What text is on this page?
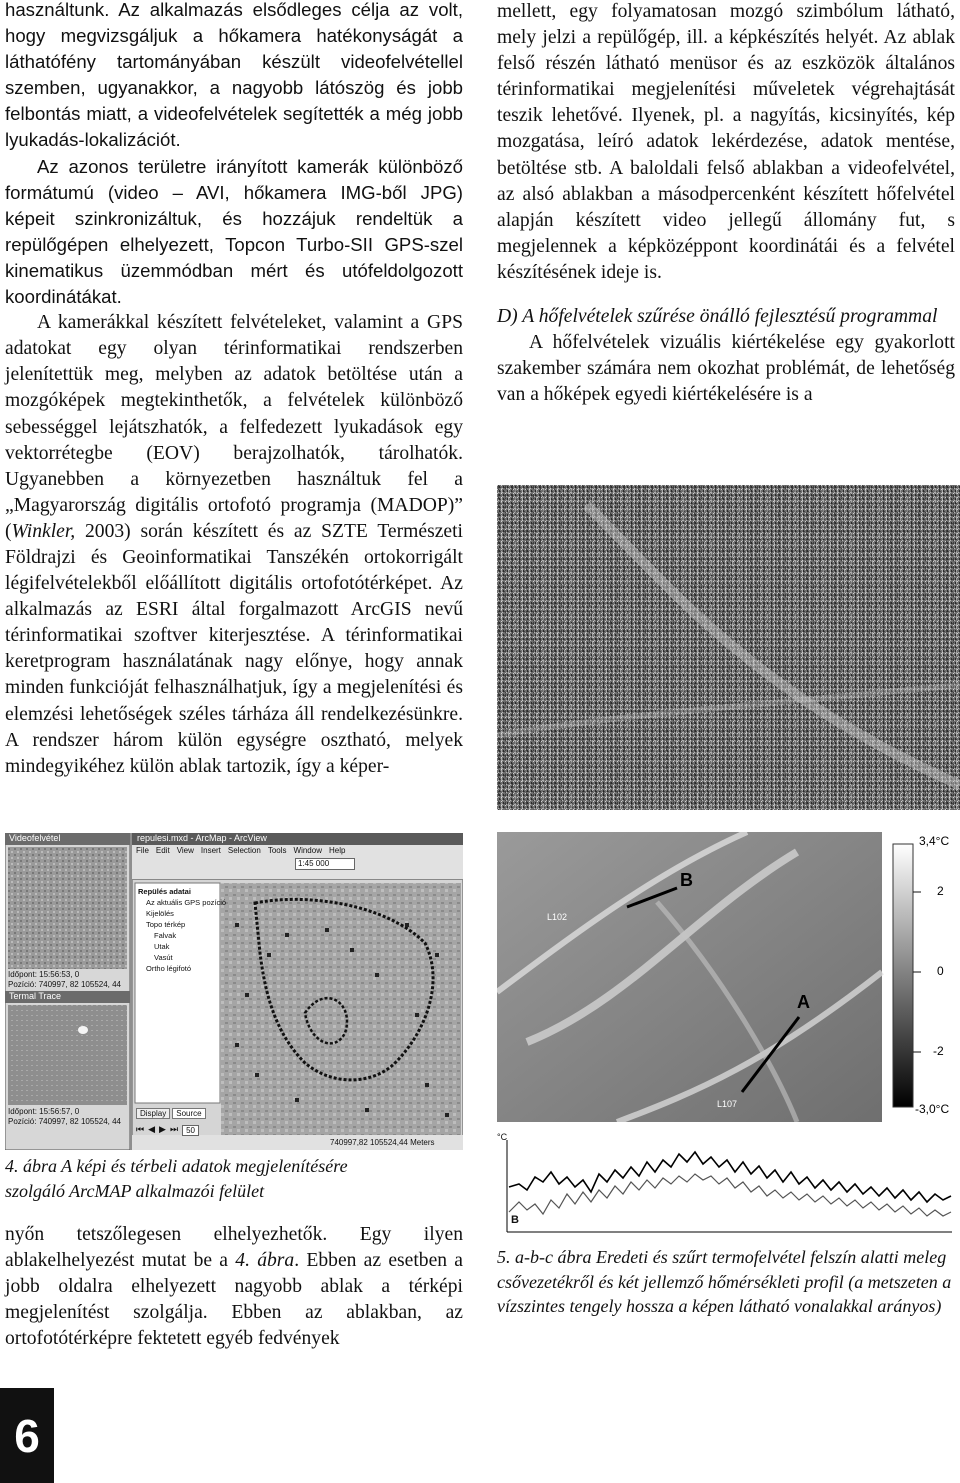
használtunk. Az alkalmazás elsődleges célja az volt, hogy megvizsgáljuk a hőkamera hatékonyságát a láthatófény tartományában készült videofelvétellel szemben, ugyanakkor, a nagyobb látószög és jobb felbontás miatt, a videofelvételek segítették a még jobb lyukadás-lokalizációt.

Az azonos területre irányított kamerák különböző formátumú (video – AVI, hőkamera IMG-ből JPG) képeit szinkronizáltuk, és hozzájuk rendeltük a repülőgépen elhelyezett, Topcon Turbo-SII GPS-szel kinematikus üzemmódban mért és utófeldolgozott koordinátákat.

A kamerákkal készített felvételeket, valamint a GPS adatokat egy olyan térinformatikai rendszerben jelenítettük meg, melyben az adatok betöltése után a mozgóképek megtekinthetők, a felvételek különböző sebességgel lejátszhatók, a felfedezett lyukadások egy vektorrétegbe (EOV) berajzolhatók, tárolhatók. Ugyanebben a környezetben használtuk fel a „Magyarország digitális ortofotó programja (MADOP)” (Winkler, 2003) során készített és az SZTE Természeti Földrajzi és Geoinformatikai Tanszékén ortokorrigált légifelvételekből előállított digitális ortofotótérképet. Az alkalmazás az ESRI által forgalmazott ArcGIS nevű térinformatikai szoftver kiterjesztése. A térinformatikai keretprogram használatának nagy előnye, hogy annak minden funkcióját felhasználhatjuk, így a megjelenítési és elemzési lehetőségek széles tárháza áll rendelkezésünkre. A rendszer három külön egységre osztható, melyek mindegyikéhez külön ablak tartozik, így a képer-

Videofelvétel
Termal Trace
Időpont: 15:56:53, 0
Pozíció: 740997, 82 105524, 44
Időpont: 15:56:57, 0
Pozíció: 740997, 82 105524, 44
repulesi.mxd - ArcMap - ArcView
File Edit View Insert Selection Tools Window Help
1:45 000
Repülés adatai
Az aktuális GPS pozíció
Kijelölés
Topo térkép
Falvak
Utak
Vasút
Ortho légifotó
Display	Source
⏮ ◀ ▶ ⏭	50
740997,82 105524,44 Meters
4. ábra A képi és térbeli adatok megjelenítésére szolgáló ArcMAP alkalmazói felület

nyőn tetszőlegesen elhelyezhetők. Egy ilyen ablakelhelyezést mutat be a 4. ábra. Ebben az esetben a jobb oldalra elhelyezett nagyobb ablak a térképi megjelenítést szolgálja. Ebben az ablakban, az ortofotótérképre fektetett egyéb fedvények

mellett, egy folyamatosan mozgó szimbólum látható, mely jelzi a repülőgép, ill. a képkészítés helyét. Az ablak felső részén látható menüsor és az eszközök általános térinformatikai megjelenítési műveletek végrehajtását teszik lehetővé. Ilyenek, pl. a nagyítás, kicsinyítés, kép mozgatása, leíró adatok lekérdezése, adatok mentése, betöltése stb. A baloldali felső ablakban a videofelvétel, az alsó ablakban a másodpercenként készített hőfelvétel alapján készített video jellegű állomány fut, s megjelennek a képközéppont koordinátái és a felvétel készítésének ideje is.

D) A hőfelvételek szűrése önálló fejlesztésű programmal

A hőfelvételek vizuális kiértékelése egy gyakorlott szakember számára nem okozhat problémát, de lehetőség van a hőképek egyedi kiértékelésére is a

B
A
L102
L107
3,4°C
2
0
-2
-3,0°C
°C
B
5. a-b-c ábra Eredeti és szűrt termofelvétel felszín alatti meleg csővezetékről és két jellemző hőmérsékleti profil (a metszeten a vízszintes tengely hossza a képen látható vonalakkal arányos)
6
